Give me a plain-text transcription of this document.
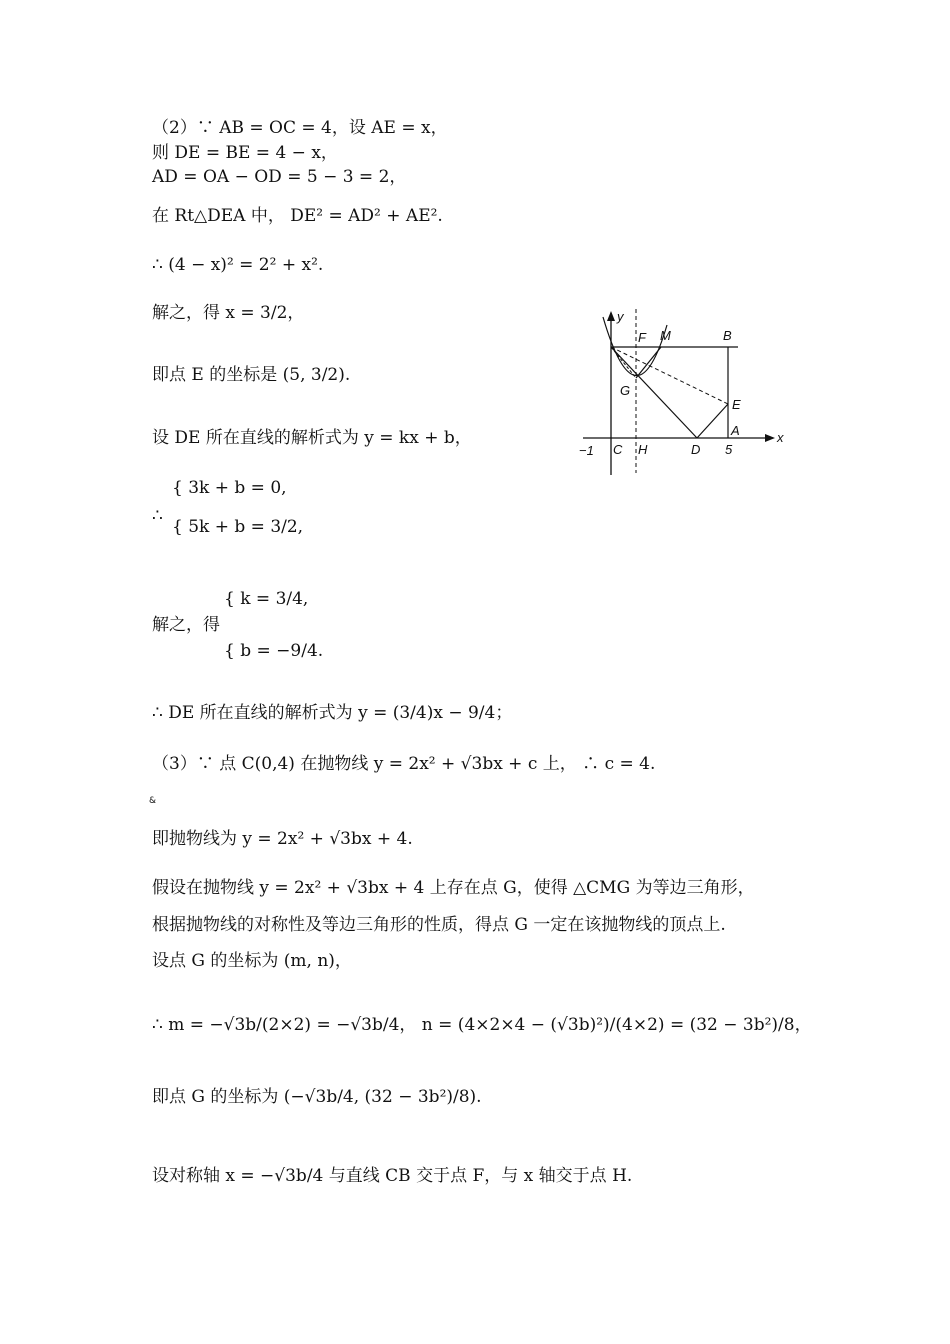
（2）∵ AB = OC = 4，设 AE = x，
则 DE = BE = 4 − x，
AD = OA − OD = 5 − 3 = 2，
在 Rt△DEA 中， DE² = AD² + AE².
∴ (4 − x)² = 2² + x².
解之，得 x = 3/2，
即点 E 的坐标是 (5, 3/2).
设 DE 所在直线的解析式为 y = kx + b，
{ 3k + b = 0,
∴
{ 5k + b = 3/2,
{ k = 3/4,
解之，得
{ b = −9/4.
∴ DE 所在直线的解析式为 y = (3/4)x − 9/4；
（3）∵ 点 C(0,4) 在抛物线 y = 2x² + √3bx + c 上， ∴ c = 4.
即抛物线为 y = 2x² + √3bx + 4.
假设在抛物线 y = 2x² + √3bx + 4 上存在点 G，使得 △CMG 为等边三角形，
根据抛物线的对称性及等边三角形的性质，得点 G 一定在该抛物线的顶点上.
设点 G 的坐标为 (m, n)，
∴ m = −√3b/(2×2) = −√3b/4， n = (4×2×4 − (√3b)²)/(4×2) = (32 − 3b²)/8，
即点 G 的坐标为 (−√3b/4, (32 − 3b²)/8).
设对称轴 x = −√3b/4 与直线 CB 交于点 F，与 x 轴交于点 H.
&
y
x
F M	B
G
E
A
−1 C H	D 5
